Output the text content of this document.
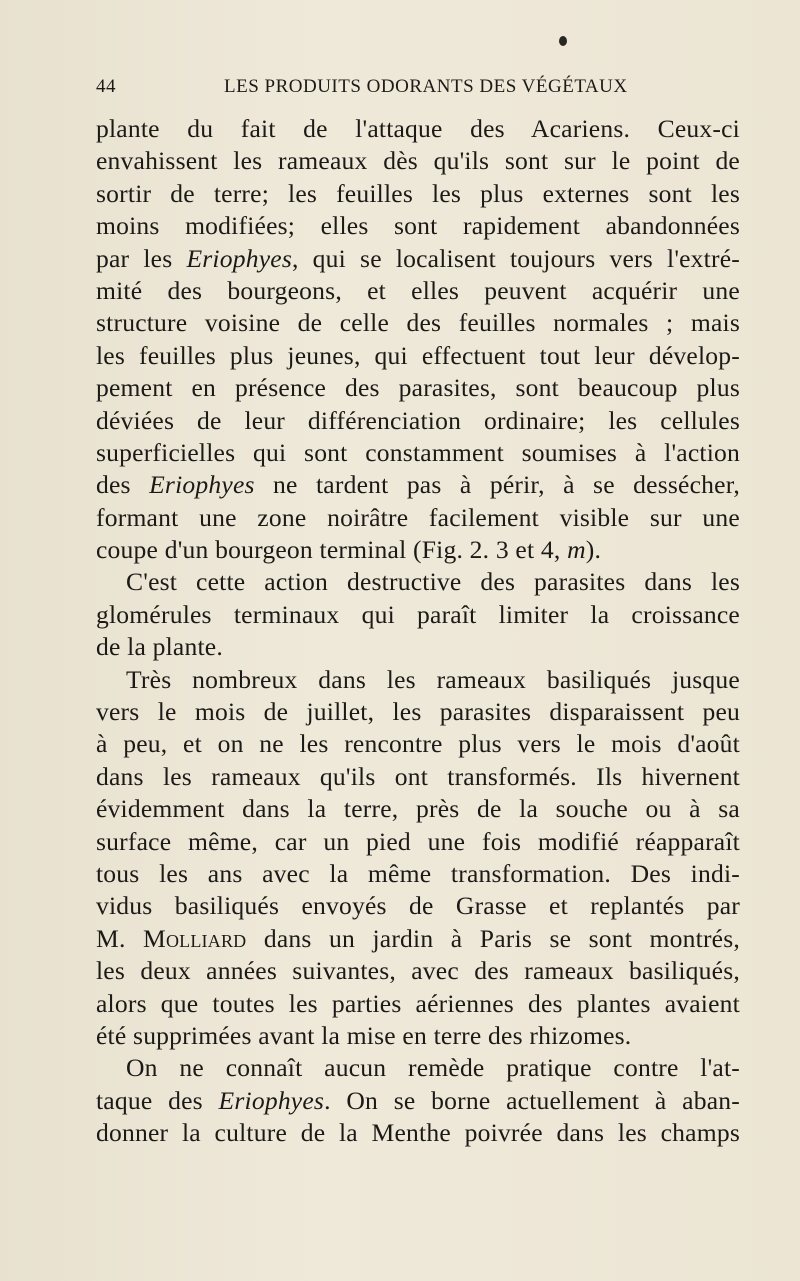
44	LES PRODUITS ODORANTS DES VÉGÉTAUX
plante du fait de l'attaque des Acariens. Ceux-ci
envahissent les rameaux dès qu'ils sont sur le point de
sortir de terre; les feuilles les plus externes sont les
moins modifiées; elles sont rapidement abandonnées
par les Eriophyes, qui se localisent toujours vers l'extré-
mité des bourgeons, et elles peuvent acquérir une
structure voisine de celle des feuilles normales ; mais
les feuilles plus jeunes, qui effectuent tout leur dévelop-
pement en présence des parasites, sont beaucoup plus
déviées de leur différenciation ordinaire; les cellules
superficielles qui sont constamment soumises à l'action
des Eriophyes ne tardent pas à périr, à se dessécher,
formant une zone noirâtre facilement visible sur une
coupe d'un bourgeon terminal (Fig. 2. 3 et 4, m).
C'est cette action destructive des parasites dans les
glomérules terminaux qui paraît limiter la croissance
de la plante.
Très nombreux dans les rameaux basiliqués jusque
vers le mois de juillet, les parasites disparaissent peu
à peu, et on ne les rencontre plus vers le mois d'août
dans les rameaux qu'ils ont transformés. Ils hivernent
évidemment dans la terre, près de la souche ou à sa
surface même, car un pied une fois modifié réapparaît
tous les ans avec la même transformation. Des indi-
vidus basiliqués envoyés de Grasse et replantés par
M. Molliard dans un jardin à Paris se sont montrés,
les deux années suivantes, avec des rameaux basiliqués,
alors que toutes les parties aériennes des plantes avaient
été supprimées avant la mise en terre des rhizomes.
On ne connaît aucun remède pratique contre l'at-
taque des Eriophyes. On se borne actuellement à aban-
donner la culture de la Menthe poivrée dans les champs
